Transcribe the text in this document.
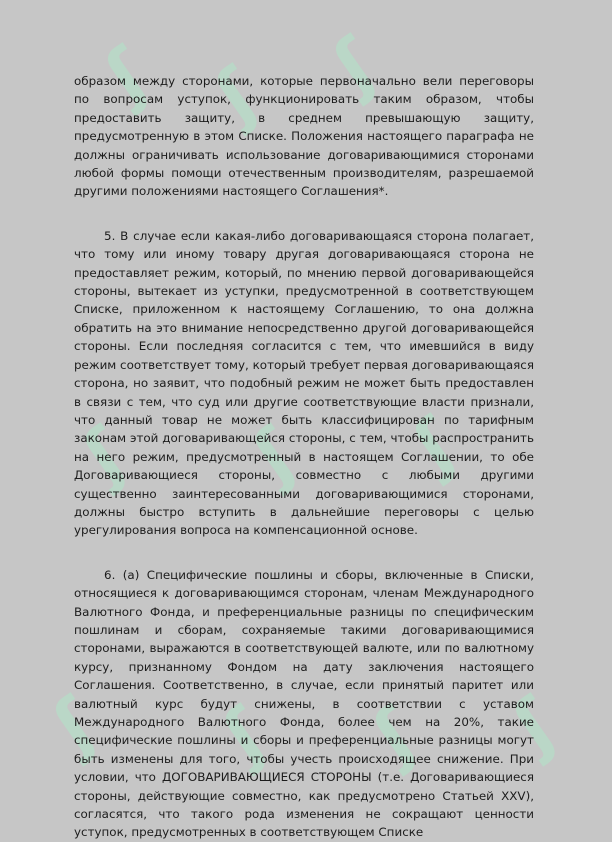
ʃ ʃ ʃ
ʃ ʃ ʃ
ʃ ʃ ʃ ʃ

образом между сторонами, которые первоначально вели переговоры по вопросам уступок, функционировать таким образом, чтобы предоставить защиту, в среднем превышающую защиту, предусмотренную в этом Списке. Положения настоящего параграфа не должны ограничивать использование договаривающимися сторонами любой формы помощи отечественным производителям, разрешаемой другими положениями настоящего Соглашения*.

5. В случае если какая-либо договаривающаяся сторона полагает, что тому или иному товару другая договаривающаяся сторона не предоставляет режим, который, по мнению первой договаривающейся стороны, вытекает из уступки, предусмотренной в соответствующем Списке, приложенном к настоящему Соглашению, то она должна обратить на это внимание непосредственно другой договаривающейся стороны. Если последняя согласится с тем, что имевшийся в виду режим соответствует тому, который требует первая договаривающаяся сторона, но заявит, что подобный режим не может быть предоставлен в связи с тем, что суд или другие соответствующие власти признали, что данный товар не может быть классифицирован по тарифным законам этой договаривающейся стороны, с тем, чтобы распространить на него режим, предусмотренный в настоящем Соглашении, то обе Договаривающиеся стороны, совместно с любыми другими существенно заинтересованными договаривающимися сторонами, должны быстро вступить в дальнейшие переговоры с целью урегулирования вопроса на компенсационной основе.

6. (a) Специфические пошлины и сборы, включенные в Списки, относящиеся к договаривающимся сторонам, членам Международного Валютного Фонда, и преференциальные разницы по специфическим пошлинам и сборам, сохраняемые такими договаривающимися сторонами, выражаются в соответствующей валюте, или по валютному курсу, признанному Фондом на дату заключения настоящего Соглашения. Соответственно, в случае, если принятый паритет или валютный курс будут снижены, в соответствии с уставом Международного Валютного Фонда, более чем на 20%, такие специфические пошлины и сборы и преференциальные разницы могут быть изменены для того, чтобы учесть происходящее снижение. При условии, что ДОГОВАРИВАЮЩИЕСЯ СТОРОНЫ (т.е. Договаривающиеся стороны, действующие совместно, как предусмотрено Статьей XXV), согласятся, что такого рода изменения не сокращают ценности уступок, предусмотренных в соответствующем Списке
